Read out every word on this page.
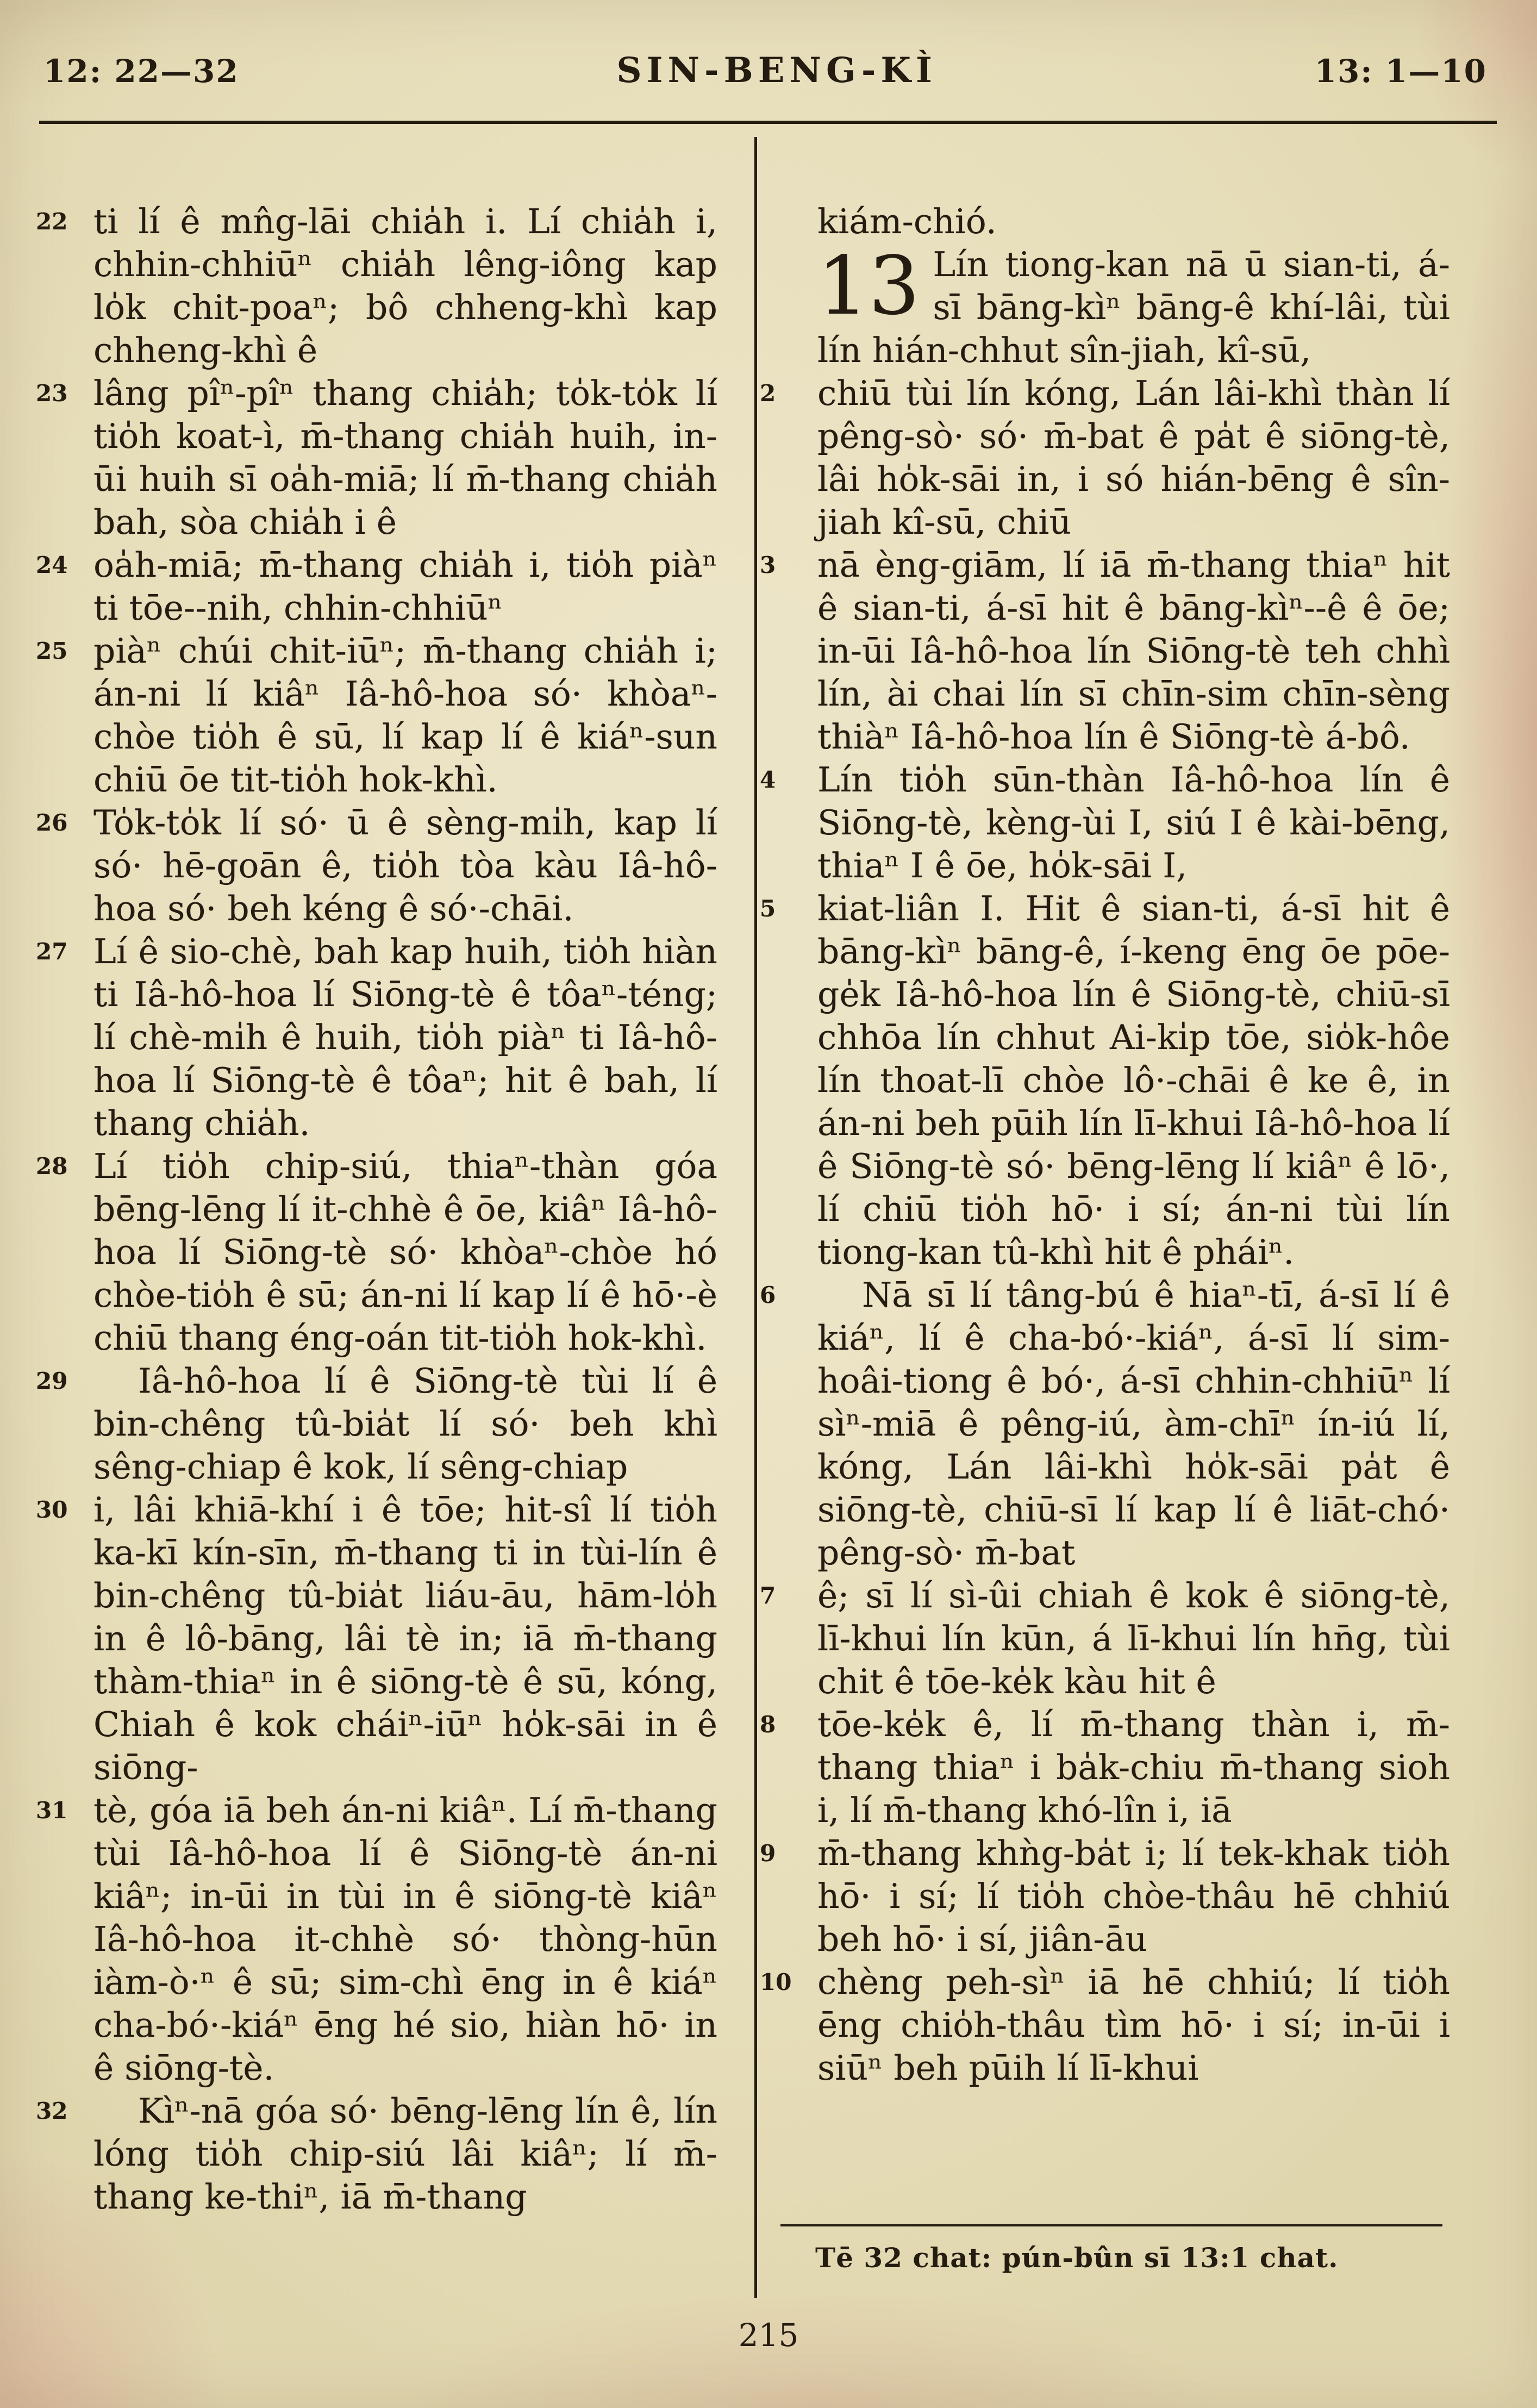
12: 22—32	SIN-BENG-KÌ	13: 1—10

22 ti lí ê mn̂g-lāi chia̍h i. Lí chia̍h i, chhin-chhiūⁿ chia̍h lêng-iông kap lo̍k chit-poaⁿ; bô chheng-khì kap chheng-khì ê

23 lâng pîⁿ-pîⁿ thang chia̍h; to̍k-to̍k lí tio̍h koat-ì, m̄-thang chia̍h huih, in-ūi huih sī oa̍h-miā; lí m̄-thang chia̍h bah, sòa chia̍h i ê

24 oa̍h-miā; m̄-thang chia̍h i, tio̍h piàⁿ ti tōe--nih, chhin-chhiūⁿ

25 piàⁿ chúi chit-iūⁿ; m̄-thang chia̍h i; án-ni lí kiâⁿ Iâ-hô-hoa só· khòaⁿ-chòe tio̍h ê sū, lí kap lí ê kiáⁿ-sun chiū ōe tit-tio̍h hok-khì.

26 To̍k-to̍k lí só· ū ê sèng-mi̍h, kap lí só· hē-goān ê, tio̍h tòa kàu Iâ-hô-hoa só· beh kéng ê só·-chāi.

27 Lí ê sio-chè, bah kap huih, tio̍h hiàn ti Iâ-hô-hoa lí Siōng-tè ê tôaⁿ-téng; lí chè-mi̍h ê huih, tio̍h piàⁿ ti Iâ-hô-hoa lí Siōng-tè ê tôaⁿ; hit ê bah, lí thang chia̍h.

28 Lí tio̍h chip-siú, thiaⁿ-thàn góa bēng-lēng lí it-chhè ê ōe, kiâⁿ Iâ-hô-hoa lí Siōng-tè só· khòaⁿ-chòe hó chòe-tio̍h ê sū; án-ni lí kap lí ê hō·-è chiū thang éng-oán tit-tio̍h hok-khì.

29	Iâ-hô-hoa lí ê Siōng-tè tùi lí ê bin-chêng tû-bia̍t lí só· beh khì sêng-chiap ê kok, lí sêng-chiap

30 i, lâi khiā-khí i ê tōe; hit-sî lí tio̍h ka-kī kín-sīn, m̄-thang ti in tùi-lín ê bin-chêng tû-bia̍t liáu-āu, hām-lo̍h in ê lô-bāng, lâi tè in; iā m̄-thang thàm-thiaⁿ in ê siōng-tè ê sū, kóng, Chiah ê kok cháiⁿ-iūⁿ ho̍k-sāi in ê siōng-

31 tè, góa iā beh án-ni kiâⁿ. Lí m̄-thang tùi Iâ-hô-hoa lí ê Siōng-tè án-ni kiâⁿ; in-ūi in tùi in ê siōng-tè kiâⁿ Iâ-hô-hoa it-chhè só· thòng-hūn iàm-ò·ⁿ ê sū; sim-chì ēng in ê kiáⁿ cha-bó·-kiáⁿ ēng hé sio, hiàn hō· in ê siōng-tè.

32	Kìⁿ-nā góa só· bēng-lēng lín ê, lín lóng tio̍h chip-siú lâi kiâⁿ; lí m̄-thang ke-thiⁿ, iā m̄-thang

kiám-chió.

13 Lín tiong-kan nā ū sian-ti, á-sī bāng-kìⁿ bāng-ê khí-lâi, tùi lín hián-chhut sîn-jiah, kî-sū,

2	chiū tùi lín kóng, Lán lâi-khì thàn lí pêng-sò· só· m̄-bat ê pa̍t ê siōng-tè, lâi ho̍k-sāi in, i só hián-bēng ê sîn-jiah kî-sū, chiū

3	nā èng-giām, lí iā m̄-thang thiaⁿ hit ê sian-ti, á-sī hit ê bāng-kìⁿ--ê ê ōe; in-ūi Iâ-hô-hoa lín Siōng-tè teh chhì lín, ài chai lín sī chīn-sim chīn-sèng thiàⁿ Iâ-hô-hoa lín ê Siōng-tè á-bô.

4	Lín tio̍h sūn-thàn Iâ-hô-hoa lín ê Siōng-tè, kèng-ùi I, siú I ê kài-bēng, thiaⁿ I ê ōe, ho̍k-sāi I,

5	kiat-liân I. Hit ê sian-ti, á-sī hit ê bāng-kìⁿ bāng-ê, í-keng ēng ōe pōe-ge̍k Iâ-hô-hoa lín ê Siōng-tè, chiū-sī chhōa lín chhut Ai-ki̍p tōe, sio̍k-hôe lín thoat-lī chòe lô·-chāi ê ke ê, in án-ni beh pūih lín lī-khui Iâ-hô-hoa lí ê Siōng-tè só· bēng-lēng lí kiâⁿ ê lō·, lí chiū tio̍h hō· i sí; án-ni tùi lín tiong-kan tû-khì hit ê pháiⁿ.

6	Nā sī lí tâng-bú ê hiaⁿ-tī, á-sī lí ê kiáⁿ, lí ê cha-bó·-kiáⁿ, á-sī lí sim-hoâi-tiong ê bó·, á-sī chhin-chhiūⁿ lí sìⁿ-miā ê pêng-iú, àm-chīⁿ ín-iú lí, kóng, Lán lâi-khì ho̍k-sāi pa̍t ê siōng-tè, chiū-sī lí kap lí ê liāt-chó· pêng-sò· m̄-bat

7	ê; sī lí sì-ûi chiah ê kok ê siōng-tè, lī-khui lín kūn, á lī-khui lín hn̄g, tùi chit ê tōe-ke̍k kàu hit ê

8	tōe-ke̍k ê, lí m̄-thang thàn i, m̄-thang thiaⁿ i ba̍k-chiu m̄-thang sioh i, lí m̄-thang khó-lîn i, iā

9	m̄-thang khǹg-ba̍t i; lí tek-khak tio̍h hō· i sí; lí tio̍h chòe-thâu hē chhiú beh hō· i sí, jiân-āu

10 chèng peh-sìⁿ iā hē chhiú; lí tio̍h ēng chio̍h-thâu tìm hō· i sí; in-ūi i siūⁿ beh pūih lí lī-khui

Tē 32 chat: pún-bûn sī 13:1 chat.
215
